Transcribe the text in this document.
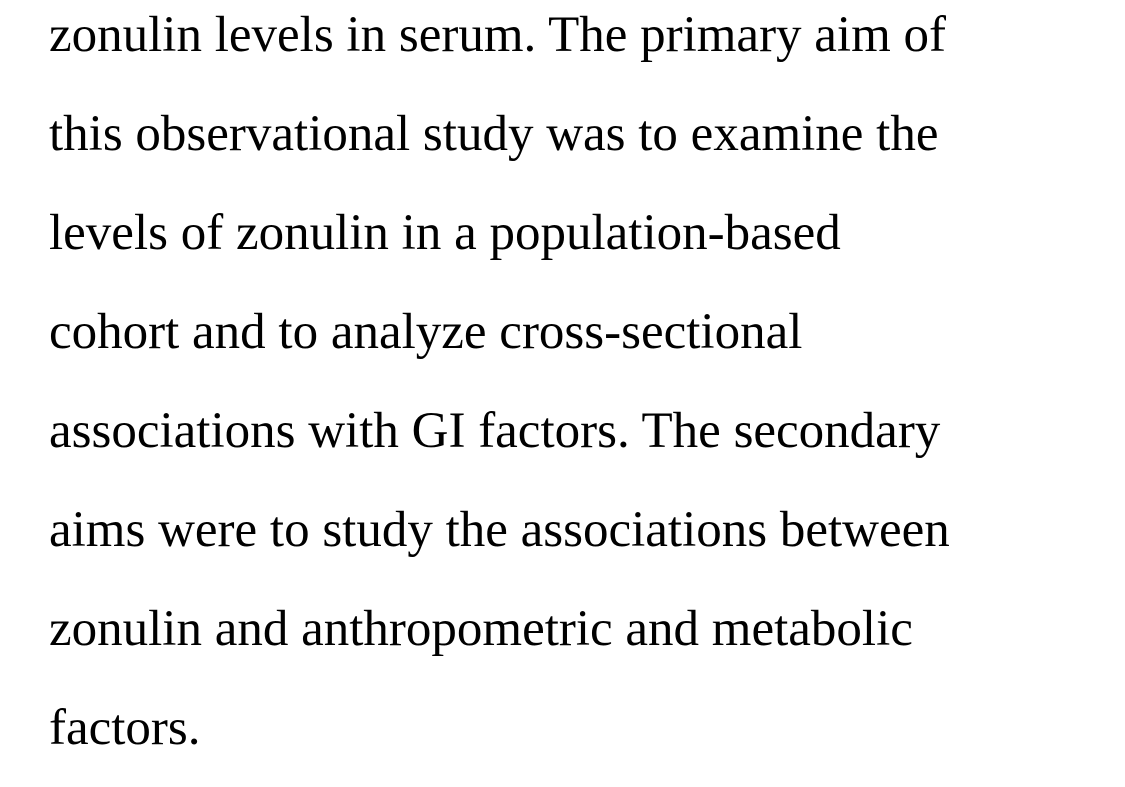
zonulin levels in serum. The primary aim of
this observational study was to examine the
levels of zonulin in a population-based
cohort and to analyze cross-sectional
associations with GI factors. The secondary
aims were to study the associations between
zonulin and anthropometric and metabolic
factors.
